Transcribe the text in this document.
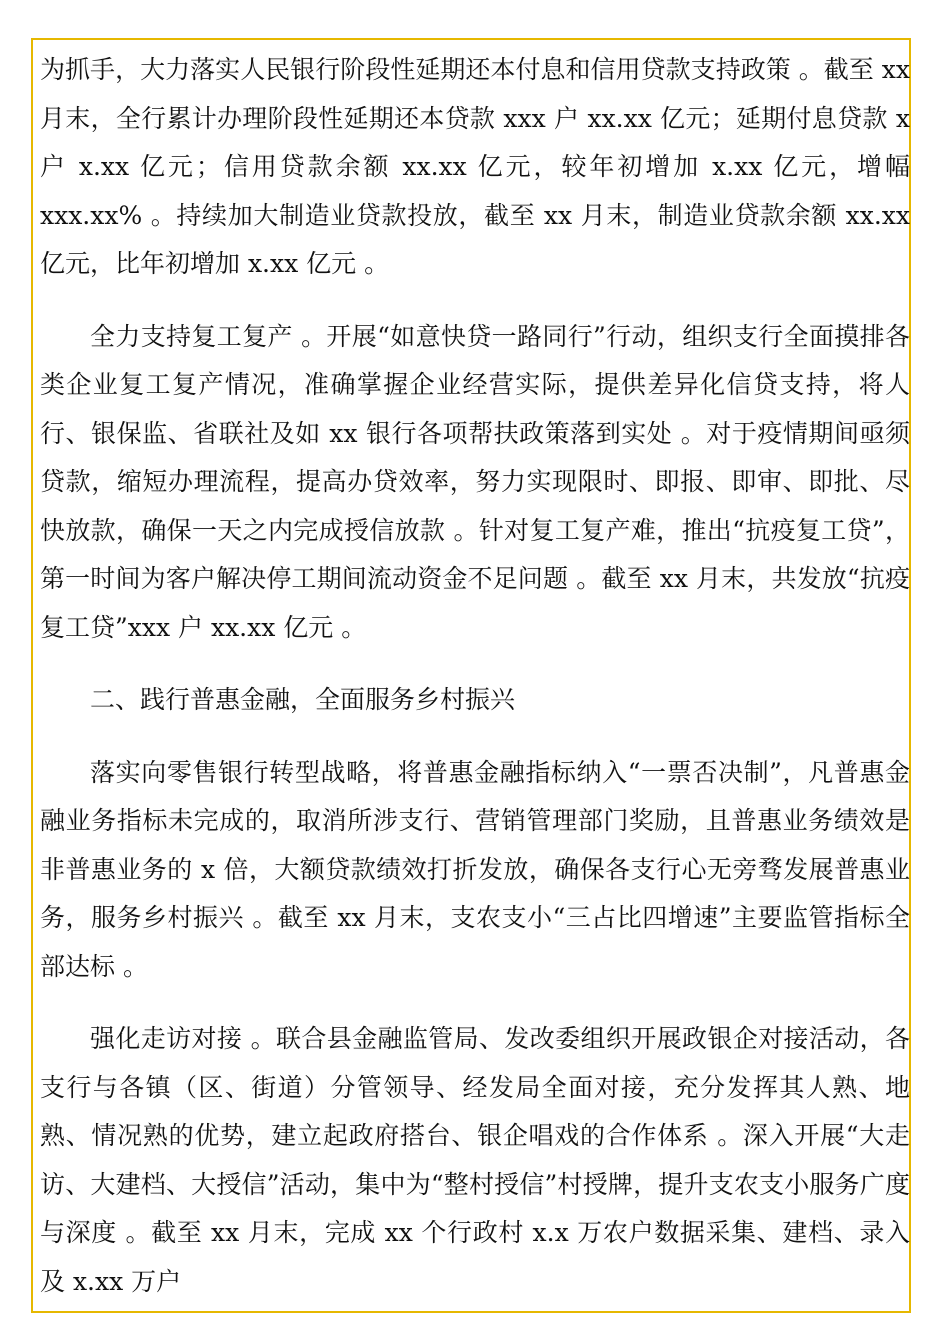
为抓手，大力落实人民银行阶段性延期还本付息和信用贷款支持政策 。截至 xx 月末，全行累计办理阶段性延期还本贷款 xxx 户 xx.xx 亿元；延期付息贷款 x 户 x.xx 亿元；信用贷款余额 xx.xx 亿元，较年初增加 x.xx 亿元，增幅 xxx.xx% 。持续加大制造业贷款投放，截至 xx 月末，制造业贷款余额 xx.xx 亿元，比年初增加 x.xx 亿元 。

全力支持复工复产 。开展“如意快贷一路同行”行动，组织支行全面摸排各类企业复工复产情况，准确掌握企业经营实际，提供差异化信贷支持，将人行、银保监、省联社及如 xx 银行各项帮扶政策落到实处 。对于疫情期间亟须贷款，缩短办理流程，提高办贷效率，努力实现限时、即报、即审、即批、尽快放款，确保一天之内完成授信放款 。针对复工复产难，推出“抗疫复工贷”，第一时间为客户解决停工期间流动资金不足问题 。截至 xx 月末，共发放“抗疫复工贷”xxx 户 xx.xx 亿元 。

二、践行普惠金融，全面服务乡村振兴

落实向零售银行转型战略，将普惠金融指标纳入“一票否决制”，凡普惠金融业务指标未完成的，取消所涉支行、营销管理部门奖励，且普惠业务绩效是非普惠业务的 x 倍，大额贷款绩效打折发放，确保各支行心无旁骛发展普惠业务，服务乡村振兴 。截至 xx 月末，支农支小“三占比四增速”主要监管指标全部达标 。

强化走访对接 。联合县金融监管局、发改委组织开展政银企对接活动，各支行与各镇（区、街道）分管领导、经发局全面对接，充分发挥其人熟、地熟、情况熟的优势，建立起政府搭台、银企唱戏的合作体系 。深入开展“大走访、大建档、大授信”活动，集中为“整村授信”村授牌，提升支农支小服务广度与深度 。截至 xx 月末，完成 xx 个行政村 x.x 万农户数据采集、建档、录入及 x.xx 万户
